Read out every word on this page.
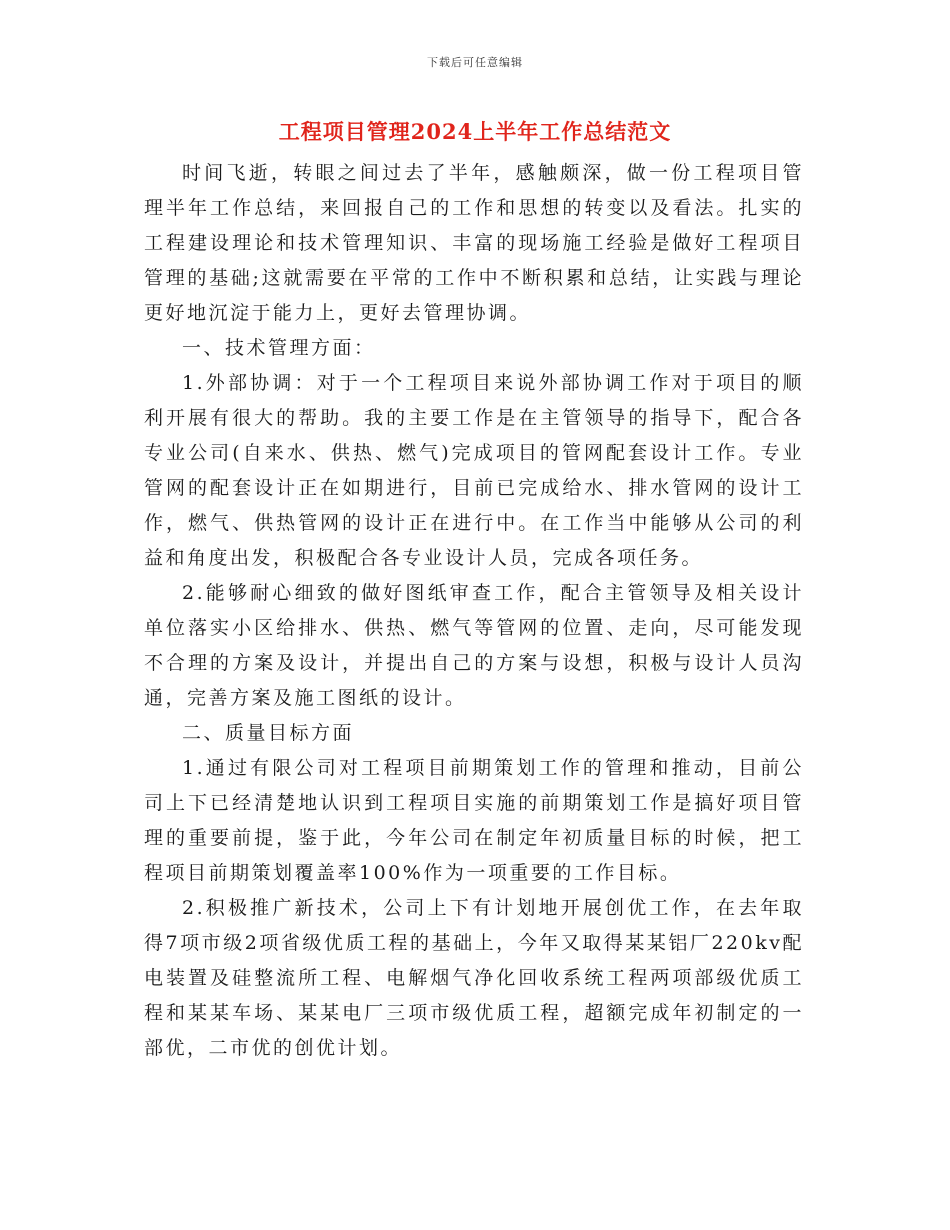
下载后可任意编辑
工程项目管理2024上半年工作总结范文

时间飞逝，转眼之间过去了半年，感触颇深，做一份工程项目管理半年工作总结，来回报自己的工作和思想的转变以及看法。扎实的工程建设理论和技术管理知识、丰富的现场施工经验是做好工程项目管理的基础;这就需要在平常的工作中不断积累和总结，让实践与理论更好地沉淀于能力上，更好去管理协调。

一、技术管理方面：

1.外部协调：对于一个工程项目来说外部协调工作对于项目的顺利开展有很大的帮助。我的主要工作是在主管领导的指导下，配合各专业公司(自来水、供热、燃气)完成项目的管网配套设计工作。专业管网的配套设计正在如期进行，目前已完成给水、排水管网的设计工作，燃气、供热管网的设计正在进行中。在工作当中能够从公司的利益和角度出发，积极配合各专业设计人员，完成各项任务。

2.能够耐心细致的做好图纸审查工作，配合主管领导及相关设计单位落实小区给排水、供热、燃气等管网的位置、走向，尽可能发现不合理的方案及设计，并提出自己的方案与设想，积极与设计人员沟通，完善方案及施工图纸的设计。

二、质量目标方面

1.通过有限公司对工程项目前期策划工作的管理和推动，目前公司上下已经清楚地认识到工程项目实施的前期策划工作是搞好项目管理的重要前提，鉴于此，今年公司在制定年初质量目标的时候，把工程项目前期策划覆盖率100%作为一项重要的工作目标。

2.积极推广新技术，公司上下有计划地开展创优工作，在去年取得7项市级2项省级优质工程的基础上，今年又取得某某铝厂220kv配电装置及硅整流所工程、电解烟气净化回收系统工程两项部级优质工程和某某车场、某某电厂三项市级优质工程，超额完成年初制定的一部优，二市优的创优计划。
